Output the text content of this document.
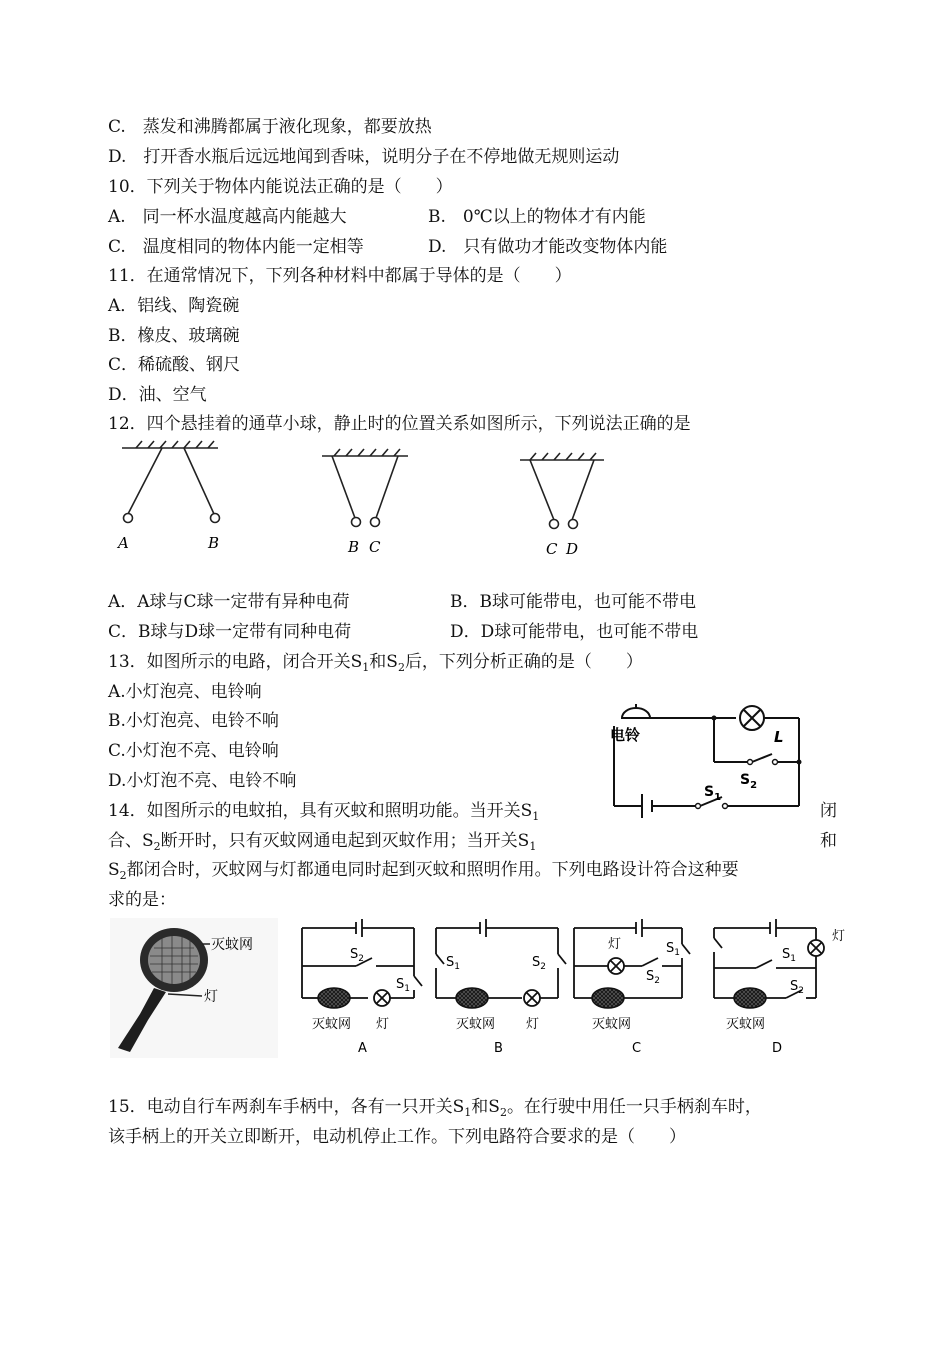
C.　蒸发和沸腾都属于液化现象，都要放热
D.　打开香水瓶后远远地闻到香味，说明分子在不停地做无规则运动
10．下列关于物体内能说法正确的是（　　）
A.　同一杯水温度越高内能越大	B.　0℃以上的物体才有内能
C.　温度相同的物体内能一定相等	D.　只有做功才能改变物体内能
11．在通常情况下，下列各种材料中都属于导体的是（　　）
A．铝线、陶瓷碗
B．橡皮、玻璃碗
C．稀硫酸、钢尺
D．油、空气
12．四个悬挂着的通草小球，静止时的位置关系如图所示，下列说法正确的是
A	B	B C	C D
A．A球与C球一定带有异种电荷	B．B球可能带电，也可能不带电
C．B球与D球一定带有同种电荷	D．D球可能带电，也可能不带电
13．如图所示的电路，闭合开关$S_1$和$S_2$后，下列分析正确的是（　　）
A.小灯泡亮、电铃响
B.小灯泡亮、电铃不响
C.小灯泡不亮、电铃响
D.小灯泡不亮、电铃不响
电铃	L
$S_2$
$S_1$
14．如图所示的电蚊拍，具有灭蚊和照明功能。当开关$S_1$	闭
合、$S_2$断开时，只有灭蚊网通电起到灭蚊作用；当开关$S_1$	和
$S_2$都闭合时，灭蚊网与灯都通电同时起到灭蚊和照明作用。下列电路设计符合这种要
求的是：
灭蚊网
灯
$S_2$
$S_1$
灭蚊网 灯
A
$S_1$	$S_2$
灭蚊网 灯
B
灯	$S_1$
$S_2$
灭蚊网
C
灯
$S_1$
$S_2$
灭蚊网
D
15．电动自行车两刹车手柄中，各有一只开关$S_1$和$S_2$。在行驶中用任一只手柄刹车时，
该手柄上的开关立即断开，电动机停止工作。下列电路符合要求的是（　　）
